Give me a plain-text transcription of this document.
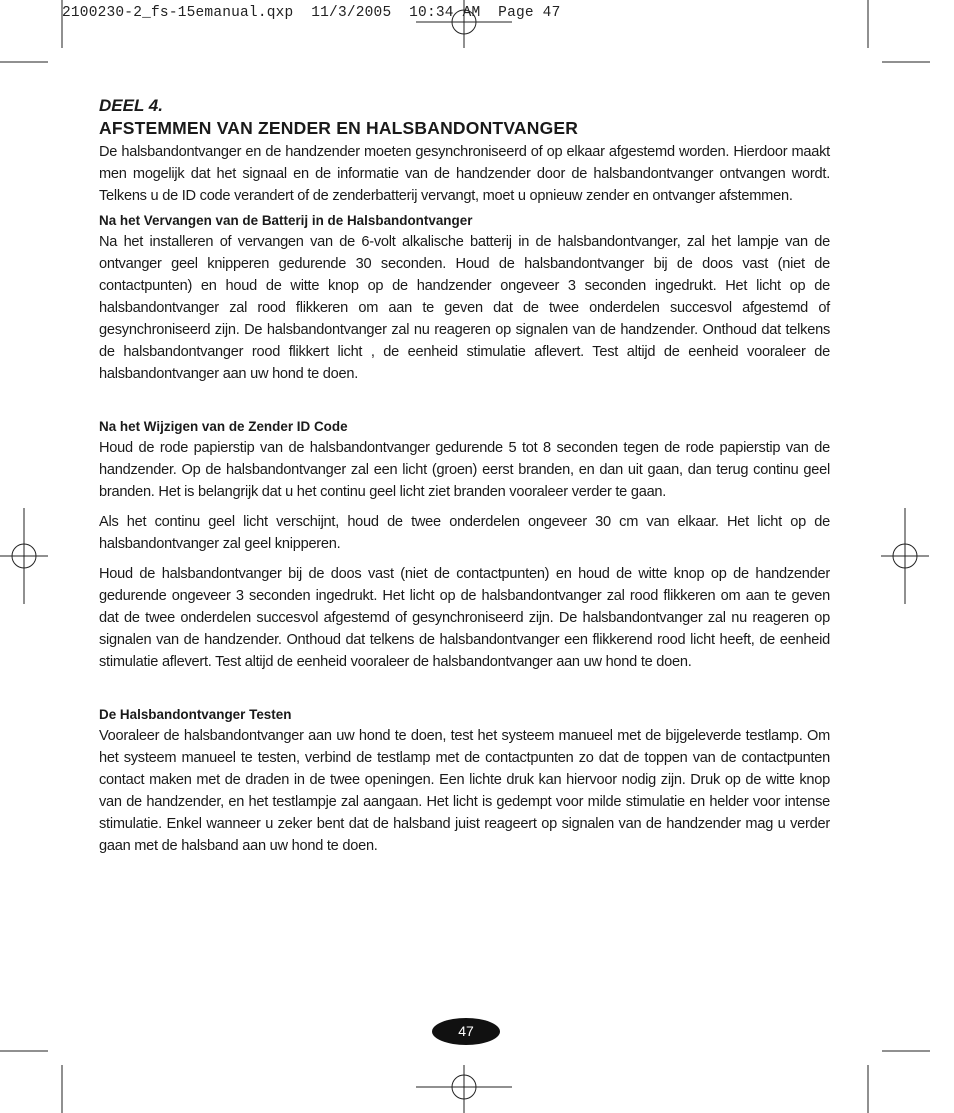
2100230-2_fs-15emanual.qxp  11/3/2005  10:34 AM  Page 47
DEEL 4.
AFSTEMMEN VAN ZENDER EN HALSBANDONTVANGER

De halsbandontvanger en de handzender moeten gesynchroniseerd of op elkaar afgestemd worden. Hierdoor maakt men mogelijk dat het signaal en de informatie van de handzender door de halsbandontvanger ontvangen wordt. Telkens u de ID code verandert of de zenderbatterij vervangt, moet u opnieuw zender en ontvanger afstemmen.

Na het Vervangen van de Batterij in de Halsbandontvanger

Na het installeren of vervangen van de 6-volt alkalische batterij in de halsbandontvanger, zal het lampje van de ontvanger geel knipperen gedurende 30 seconden. Houd de halsbandontvanger bij de doos vast (niet de contactpunten) en houd de witte knop op de handzender ongeveer 3 seconden ingedrukt. Het licht op de halsbandontvanger zal rood flikkeren om aan te geven dat de twee onderdelen succesvol afgestemd of gesynchroniseerd zijn. De halsbandontvanger zal nu reageren op signalen van de handzender. Onthoud dat telkens de halsbandontvanger rood flikkert licht , de eenheid stimulatie aflevert. Test altijd de eenheid vooraleer de halsbandontvanger aan uw hond te doen.

Na het Wijzigen van de Zender ID Code

Houd de rode papierstip van de halsbandontvanger gedurende 5 tot 8 seconden tegen de rode papierstip van de handzender. Op de halsbandontvanger zal een licht (groen) eerst branden, en dan uit gaan, dan terug continu geel branden. Het is belangrijk dat u het continu geel licht ziet branden vooraleer verder te gaan.

Als het continu geel licht verschijnt, houd de twee onderdelen ongeveer 30 cm van elkaar. Het licht op de halsbandontvanger zal geel knipperen.

Houd de halsbandontvanger bij de doos vast (niet de contactpunten) en houd de witte knop op de handzender gedurende ongeveer 3 seconden ingedrukt. Het licht op de halsbandontvanger zal rood flikkeren om aan te geven dat de twee onderdelen succesvol afgestemd of gesynchroniseerd zijn. De halsbandontvanger zal nu reageren op signalen van de handzender. Onthoud dat telkens de halsbandontvanger een flikkerend rood licht heeft, de eenheid stimulatie aflevert. Test altijd de eenheid vooraleer de halsbandontvanger aan uw hond te doen.

De Halsbandontvanger Testen

Vooraleer de halsbandontvanger aan uw hond te doen, test het systeem manueel met de bijgeleverde testlamp. Om het systeem manueel te testen, verbind de testlamp met de contactpunten zo dat de toppen van de contactpunten contact maken met de draden in de twee openingen. Een lichte druk kan hiervoor nodig zijn. Druk op de witte knop van de handzender, en het testlampje zal aangaan. Het licht is gedempt voor milde stimulatie en helder voor intense stimulatie. Enkel wanneer u zeker bent dat de halsband juist reageert op signalen van de handzender mag u verder gaan met de halsband aan uw hond te doen.

47
